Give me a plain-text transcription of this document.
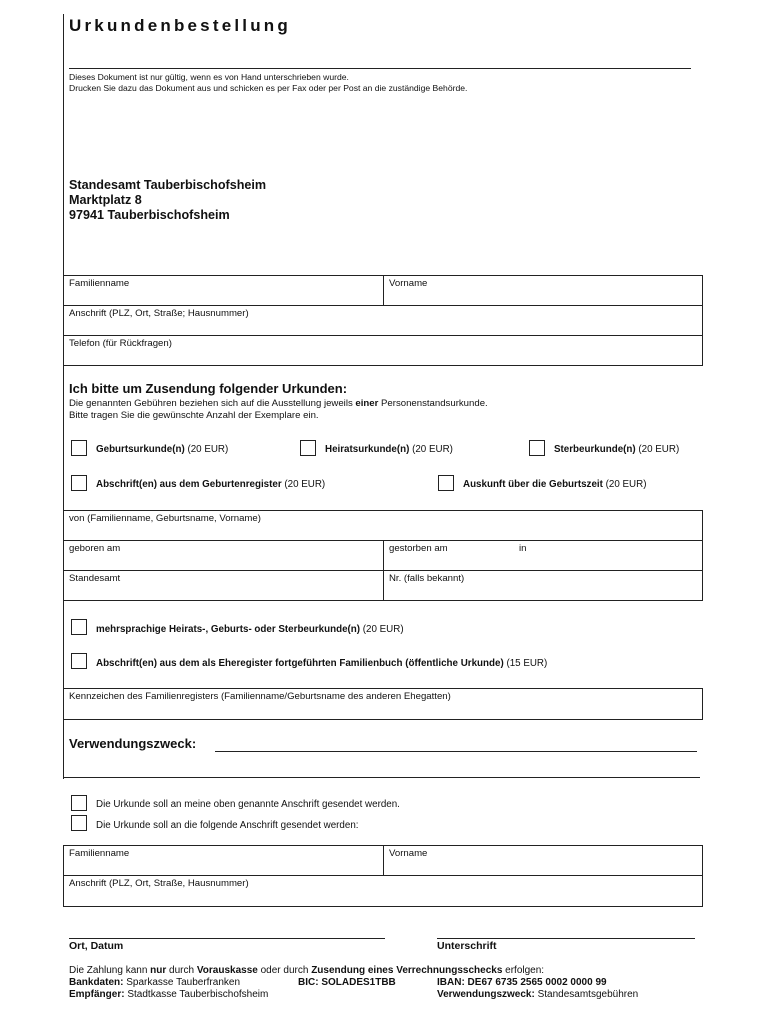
Urkundenbestellung
Dieses Dokument ist nur gültig, wenn es von Hand unterschrieben wurde.
Drucken Sie dazu das Dokument aus und schicken es per Fax oder per Post an die zuständige Behörde.
Standesamt Tauberbischofsheim
Marktplatz 8
97941 Tauberbischofsheim
Familienname	Vorname
Anschrift (PLZ, Ort, Straße; Hausnummer)
Telefon (für Rückfragen)
Ich bitte um Zusendung folgender Urkunden:
Die genannten Gebühren beziehen sich auf die Ausstellung jeweils einer Personenstandsurkunde.
Bitte tragen Sie die gewünschte Anzahl der Exemplare ein.
Geburtsurkunde(n) (20 EUR)	Heiratsurkunde(n) (20 EUR)	Sterbeurkunde(n) (20 EUR)
Abschrift(en) aus dem Geburtenregister (20 EUR)	Auskunft über die Geburtszeit (20 EUR)
von (Familienname, Geburtsname, Vorname)
geboren am	gestorben am	in
Standesamt	Nr. (falls bekannt)
mehrsprachige Heirats-, Geburts- oder Sterbeurkunde(n) (20 EUR)
Abschrift(en) aus dem als Eheregister fortgeführten Familienbuch (öffentliche Urkunde) (15 EUR)
Kennzeichen des Familienregisters (Familienname/Geburtsname des anderen Ehegatten)
Verwendungszweck:
Die Urkunde soll an meine oben genannte Anschrift gesendet werden.
Die Urkunde soll an die folgende Anschrift gesendet werden:
Familienname	Vorname
Anschrift (PLZ, Ort, Straße, Hausnummer)
Ort, Datum	Unterschrift
Die Zahlung kann nur durch Vorauskasse oder durch Zusendung eines Verrechnungsschecks erfolgen:
Bankdaten: Sparkasse Tauberfranken	BIC: SOLADES1TBB	IBAN: DE67 6735 2565 0002 0000 99
Empfänger: Stadtkasse Tauberbischofsheim	Verwendungszweck: Standesamtsgebühren
